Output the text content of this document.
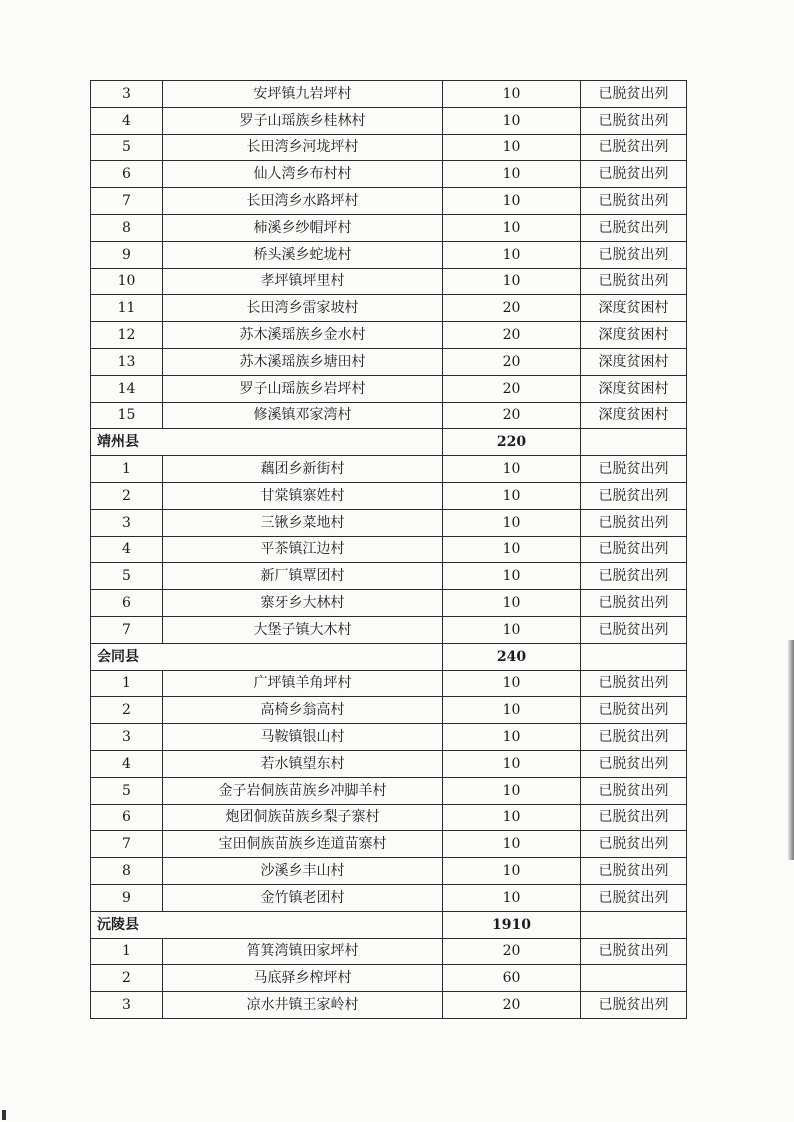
3	安坪镇九岩坪村	10	已脱贫出列
4	罗子山瑶族乡桂林村	10	已脱贫出列
5	长田湾乡河垅坪村	10	已脱贫出列
6	仙人湾乡布村村	10	已脱贫出列
7	长田湾乡水路坪村	10	已脱贫出列
8	柿溪乡纱帽坪村	10	已脱贫出列
9	桥头溪乡蛇垅村	10	已脱贫出列
10	孝坪镇坪里村	10	已脱贫出列
11	长田湾乡雷家坡村	20	深度贫困村
12	苏木溪瑶族乡金水村	20	深度贫困村
13	苏木溪瑶族乡塘田村	20	深度贫困村
14	罗子山瑶族乡岩坪村	20	深度贫困村
15	修溪镇邓家湾村	20	深度贫困村
靖州县		220	
1	藕团乡新街村	10	已脱贫出列
2	甘棠镇寨姓村	10	已脱贫出列
3	三锹乡菜地村	10	已脱贫出列
4	平茶镇江边村	10	已脱贫出列
5	新厂镇覃团村	10	已脱贫出列
6	寨牙乡大林村	10	已脱贫出列
7	大堡子镇大木村	10	已脱贫出列
会同县		240	
1	广坪镇羊角坪村	10	已脱贫出列
2	高椅乡翁高村	10	已脱贫出列
3	马鞍镇银山村	10	已脱贫出列
4	若水镇望东村	10	已脱贫出列
5	金子岩侗族苗族乡冲脚羊村	10	已脱贫出列
6	炮团侗族苗族乡梨子寨村	10	已脱贫出列
7	宝田侗族苗族乡连道苗寨村	10	已脱贫出列
8	沙溪乡丰山村	10	已脱贫出列
9	金竹镇老团村	10	已脱贫出列
沅陵县		1910	
1	筲箕湾镇田家坪村	20	已脱贫出列
2	马底驿乡榨坪村	60	
3	凉水井镇王家岭村	20	已脱贫出列
